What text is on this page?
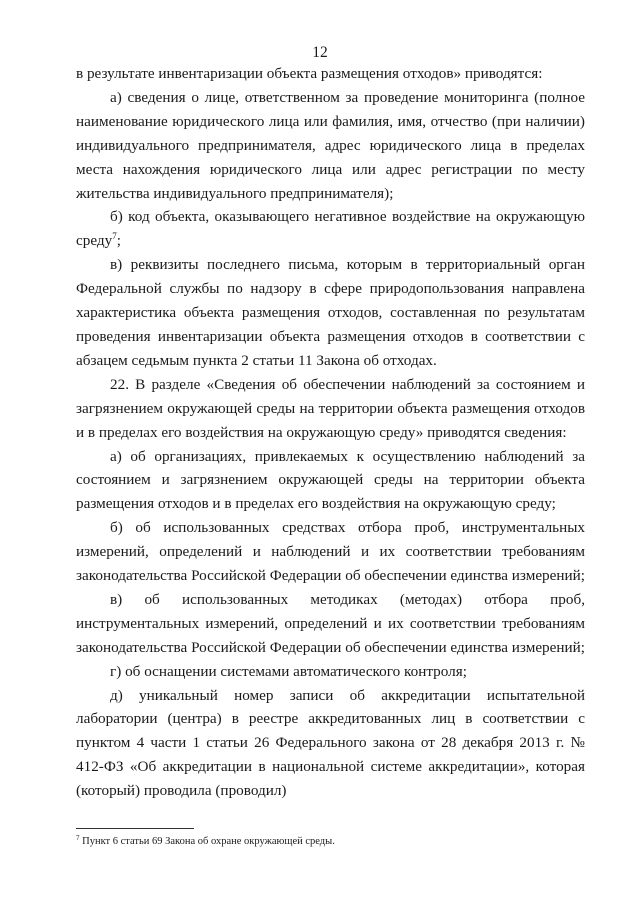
12

в результате инвентаризации объекта размещения отходов» приводятся:

а) сведения о лице, ответственном за проведение мониторинга (полное наименование юридического лица или фамилия, имя, отчество (при наличии) индивидуального предпринимателя, адрес юридического лица в пределах места нахождения юридического лица или адрес регистрации по месту жительства индивидуального предпринимателя);

б) код объекта, оказывающего негативное воздействие на окружающую среду$^7$;

в) реквизиты последнего письма, которым в территориальный орган Федеральной службы по надзору в сфере природопользования направлена характеристика объекта размещения отходов, составленная по результатам проведения инвентаризации объекта размещения отходов в соответствии с абзацем седьмым пункта 2 статьи 11 Закона об отходах.

22. В разделе «Сведения об обеспечении наблюдений за состоянием и загрязнением окружающей среды на территории объекта размещения отходов и в пределах его воздействия на окружающую среду» приводятся сведения:

а) об организациях, привлекаемых к осуществлению наблюдений за состоянием и загрязнением окружающей среды на территории объекта размещения отходов и в пределах его воздействия на окружающую среду;

б) об использованных средствах отбора проб, инструментальных измерений, определений и наблюдений и их соответствии требованиям законодательства Российской Федерации об обеспечении единства измерений;

в) об использованных методиках (методах) отбора проб, инструментальных измерений, определений и их соответствии требованиям законодательства Российской Федерации об обеспечении единства измерений;

г) об оснащении системами автоматического контроля;

д) уникальный номер записи об аккредитации испытательной лаборатории (центра) в реестре аккредитованных лиц в соответствии с пунктом 4 части 1 статьи 26 Федерального закона от 28 декабря 2013 г. № 412-ФЗ «Об аккредитации в национальной системе аккредитации», которая (который) проводила (проводил)

$^7$ Пункт 6 статьи 69 Закона об охране окружающей среды.
